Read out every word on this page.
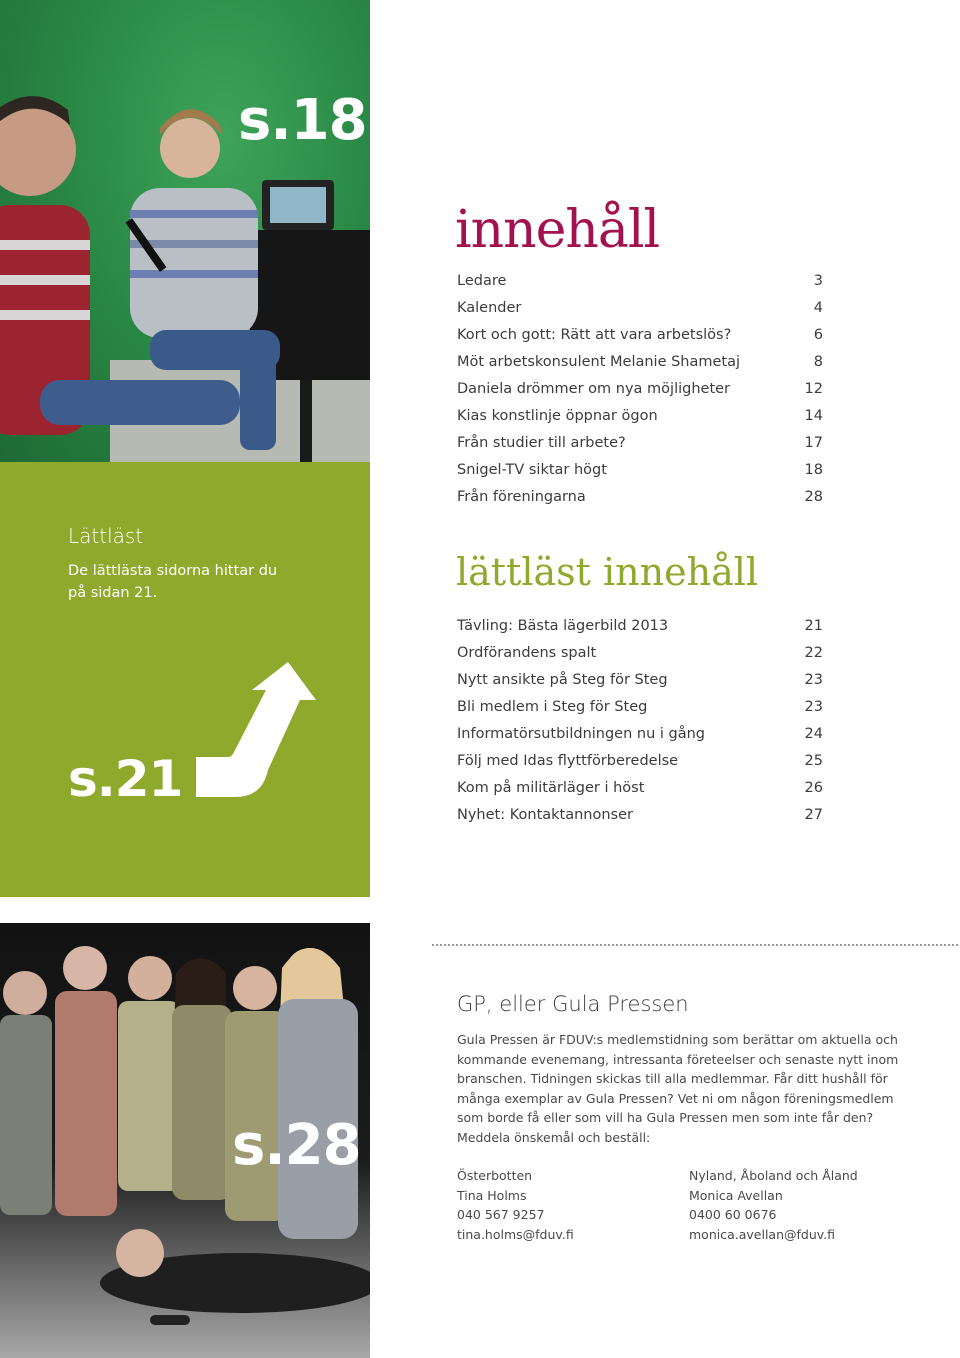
s.18
Lättläst
De lättlästa sidorna hittar du på sidan 21.
s.21
s.28
innehåll
Ledare	3
Kalender	4
Kort och gott: Rätt att vara arbetslös?	6
Möt arbetskonsulent Melanie Shametaj	8
Daniela drömmer om nya möjligheter	12
Kias konstlinje öppnar ögon	14
Från studier till arbete?	17
Snigel-TV siktar högt	18
Från föreningarna	28
lättläst innehåll
Tävling: Bästa lägerbild 2013	21
Ordförandens spalt	22
Nytt ansikte på Steg för Steg	23
Bli medlem i Steg för Steg	23
Informatörsutbildningen nu i gång	24
Följ med Idas flyttförberedelse	25
Kom på militärläger i höst	26
Nyhet: Kontaktannonser	27
GP, eller Gula Pressen
Gula Pressen är FDUV:s medlemstidning som berättar om aktuella och
kommande evenemang, intressanta företeelser och senaste nytt inom
branschen. Tidningen skickas till alla medlemmar. Får ditt hushåll för
många exemplar av Gula Pressen? Vet ni om någon föreningsmedlem
som borde få eller som vill ha Gula Pressen men som inte får den?
Meddela önskemål och beställ:
Österbotten
Tina Holms
040 567 9257
tina.holms@fduv.fi
Nyland, Åboland och Åland
Monica Avellan
0400 60 0676
monica.avellan@fduv.fi
